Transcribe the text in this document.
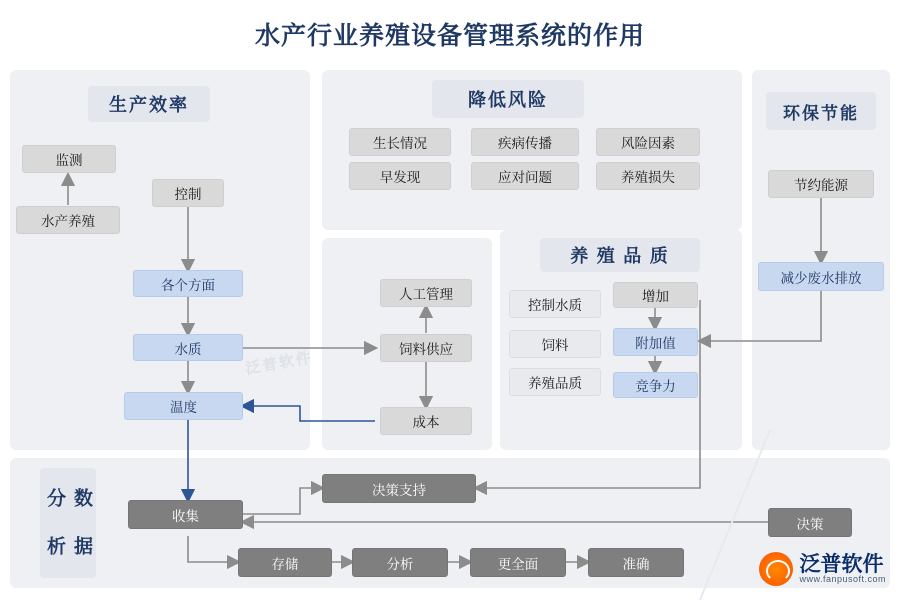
水产行业养殖设备管理系统的作用
生产效率	降低风险
环保节能
养 殖 品 质
数 据 分 析
监测
水产养殖
控制
各个方面
水质
温度
生长情况	疾病传播	风险因素
早发现	应对问题	养殖损失
人工管理
饲料供应
成本
控制水质
饲料
养殖品质
增加
附加值
竞争力
节约能源
减少废水排放
决策支持
收集
决策
存储	分析	更全面	准确
泛普软件
泛普软件
www.fanpusoft.com
